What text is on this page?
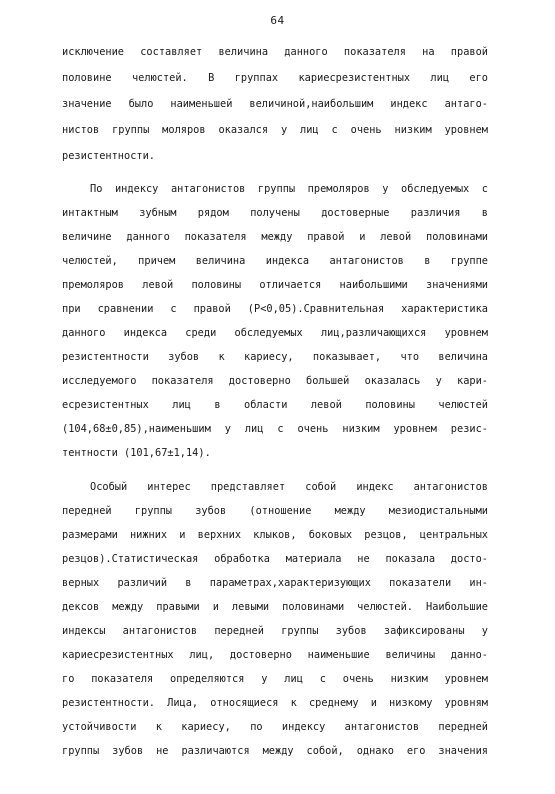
64
исключение составляет величина данного показателя на правой
половине челюстей. В группах кариесрезистентных лиц его
значение было наименьшей величиной,наибольшим индекс антаго-
нистов группы моляров оказался у лиц с очень низким уровнем
резистентности.
По индексу антагонистов группы премоляров у обследуемых с
интактным зубным рядом получены достоверные различия в
величине данного показателя между правой и левой половинами
челюстей, причем величина индекса антагонистов в группе
премоляров левой половины отличается наибольшими значениями
при сравнении с правой (Р<0,05).Сравнительная характеристика
данного индекса среди обследуемых лиц,различающихся уровнем
резистентности зубов к кариесу, показывает, что величина
исследуемого показателя достоверно большей оказалась у кари-
есрезистентных лиц в области левой половины челюстей
(104,68±0,85),наименьшим у лиц с очень низким уровнем резис-
тентности (101,67±1,14).
Особый интерес представляет собой индекс антагонистов
передней группы зубов (отношение между мезиодистальными
размерами нижних и верхних клыков, боковых резцов, центральных
резцов).Статистическая обработка материала не показала досто-
верных различий в параметрах,характеризующих показатели ин-
дексов между правыми и левыми половинами челюстей. Наибольшие
индексы антагонистов передней группы зубов зафиксированы у
кариесрезистентных лиц, достоверно наименьшие величины данно-
го показателя определяются у лиц с очень низким уровнем
резистентности. Лица, относящиеся к среднему и низкому уровням
устойчивости к кариесу, по индексу антагонистов передней
группы зубов не различаются между собой, однако его значения
